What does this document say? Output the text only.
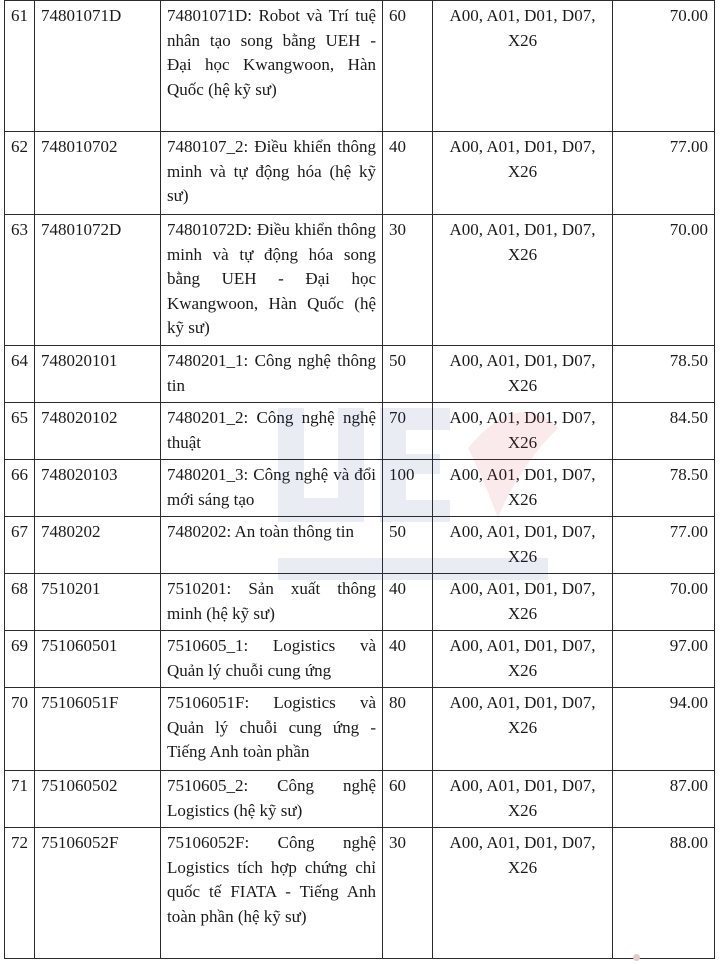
61	74801071D	74801071D: Robot và Trí tuệ nhân tạo song bằng UEH - Đại học Kwangwoon, Hàn Quốc (hệ kỹ sư)	60	A00, A01, D01, D07, X26	70.00
62	748010702	7480107_2: Điều khiển thông minh và tự động hóa (hệ kỹ sư)	40	A00, A01, D01, D07, X26	77.00
63	74801072D	74801072D: Điều khiển thông minh và tự động hóa song bằng UEH - Đại học Kwangwoon, Hàn Quốc (hệ kỹ sư)	30	A00, A01, D01, D07, X26	70.00
64	748020101	7480201_1: Công nghệ thông tin	50	A00, A01, D01, D07, X26	78.50
65	748020102	7480201_2: Công nghệ nghệ thuật	70	A00, A01, D01, D07, X26	84.50
66	748020103	7480201_3: Công nghệ và đổi mới sáng tạo	100	A00, A01, D01, D07, X26	78.50
67	7480202	7480202: An toàn thông tin	50	A00, A01, D01, D07, X26	77.00
68	7510201	7510201: Sản xuất thông minh (hệ kỹ sư)	40	A00, A01, D01, D07, X26	70.00
69	751060501	7510605_1: Logistics và Quản lý chuỗi cung ứng	40	A00, A01, D01, D07, X26	97.00
70	75106051F	75106051F: Logistics và Quản lý chuỗi cung ứng - Tiếng Anh toàn phần	80	A00, A01, D01, D07, X26	94.00
71	751060502	7510605_2: Công nghệ Logistics (hệ kỹ sư)	60	A00, A01, D01, D07, X26	87.00
72	75106052F	75106052F: Công nghệ Logistics tích hợp chứng chỉ quốc tế FIATA - Tiếng Anh toàn phần (hệ kỹ sư)	30	A00, A01, D01, D07, X26	88.00
